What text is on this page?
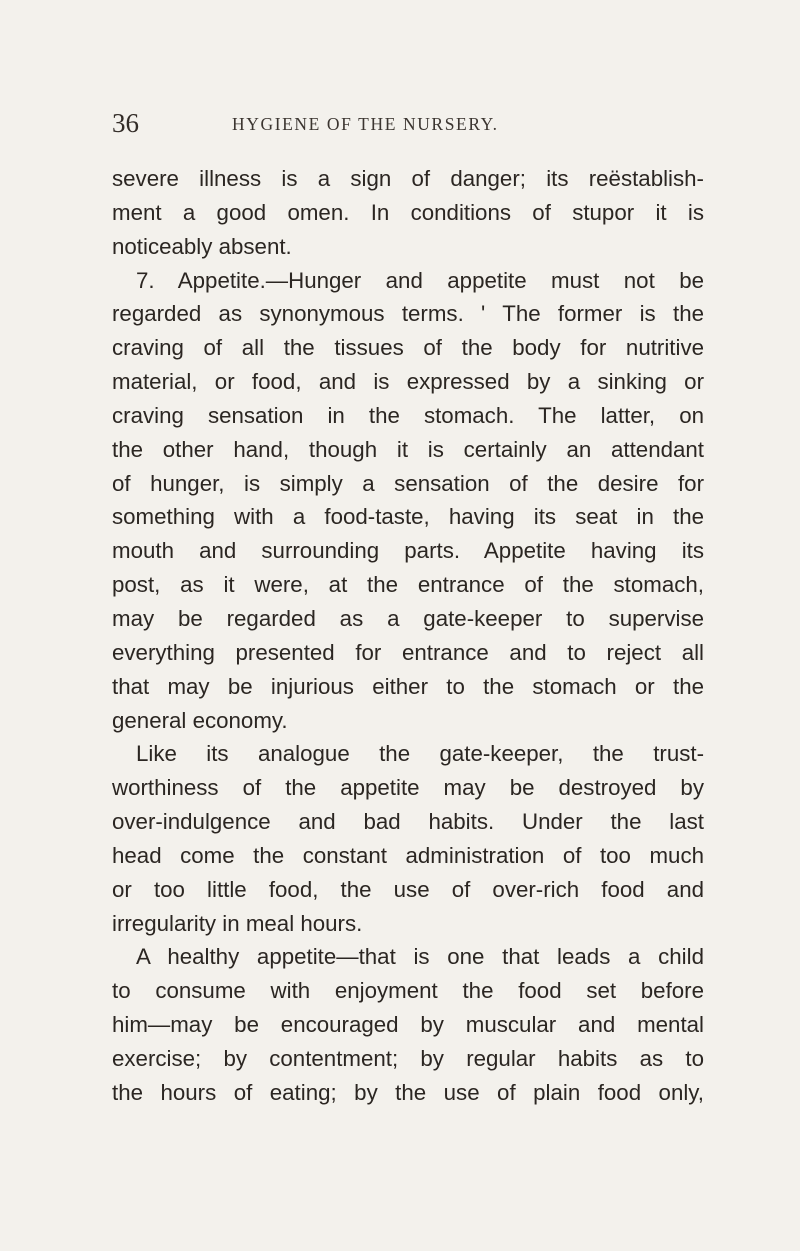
36	HYGIENE OF THE NURSERY.
severe illness is a sign of danger; its reëstablish-
ment a good omen. In conditions of stupor it is
noticeably absent.
7. Appetite.—Hunger and appetite must not be
regarded as synonymous terms. ' The former is the
craving of all the tissues of the body for nutritive
material, or food, and is expressed by a sinking or
craving sensation in the stomach. The latter, on
the other hand, though it is certainly an attendant
of hunger, is simply a sensation of the desire for
something with a food-taste, having its seat in the
mouth and surrounding parts. Appetite having its
post, as it were, at the entrance of the stomach,
may be regarded as a gate-keeper to supervise
everything presented for entrance and to reject all
that may be injurious either to the stomach or the
general economy.
Like its analogue the gate-keeper, the trust-
worthiness of the appetite may be destroyed by
over-indulgence and bad habits. Under the last
head come the constant administration of too much
or too little food, the use of over-rich food and
irregularity in meal hours.
A healthy appetite—that is one that leads a child
to consume with enjoyment the food set before
him—may be encouraged by muscular and mental
exercise; by contentment; by regular habits as to
the hours of eating; by the use of plain food only,
